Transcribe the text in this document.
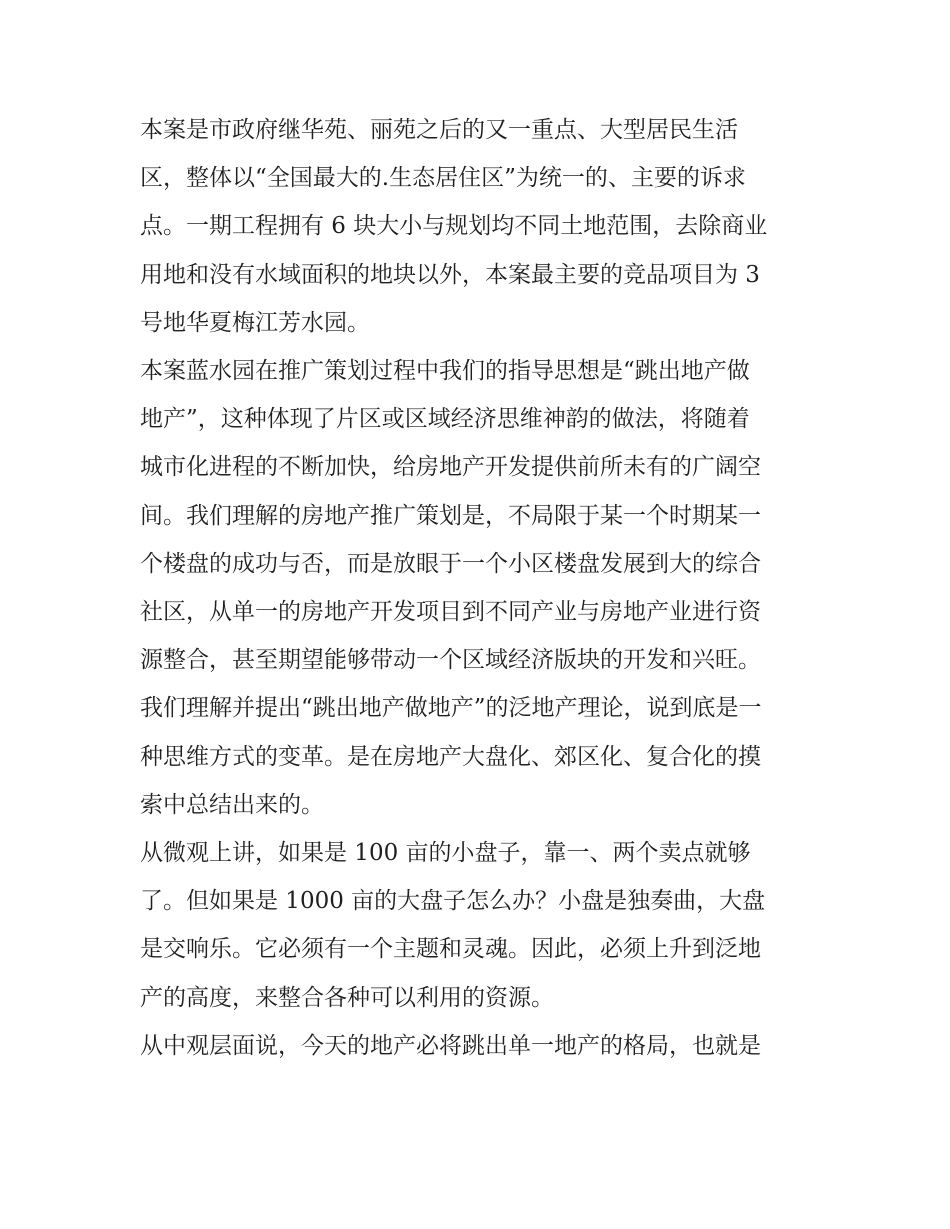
本案是市政府继华苑、丽苑之后的又一重点、大型居民生活
区，整体以“全国最大的.生态居住区”为统一的、主要的诉求
点。一期工程拥有 6 块大小与规划均不同土地范围，去除商业
用地和没有水域面积的地块以外，本案最主要的竞品项目为 3
号地华夏梅江芳水园。

本案蓝水园在推广策划过程中我们的指导思想是“跳出地产做
地产”，这种体现了片区或区域经济思维神韵的做法，将随着
城市化进程的不断加快，给房地产开发提供前所未有的广阔空
间。我们理解的房地产推广策划是，不局限于某一个时期某一
个楼盘的成功与否，而是放眼于一个小区楼盘发展到大的综合
社区，从单一的房地产开发项目到不同产业与房地产业进行资
源整合，甚至期望能够带动一个区域经济版块的开发和兴旺。

我们理解并提出“跳出地产做地产”的泛地产理论，说到底是一
种思维方式的变革。是在房地产大盘化、郊区化、复合化的摸
索中总结出来的。

从微观上讲，如果是 100 亩的小盘子，靠一、两个卖点就够
了。但如果是 1000 亩的大盘子怎么办？小盘是独奏曲，大盘
是交响乐。它必须有一个主题和灵魂。因此，必须上升到泛地
产的高度，来整合各种可以利用的资源。

从中观层面说，今天的地产必将跳出单一地产的格局，也就是
